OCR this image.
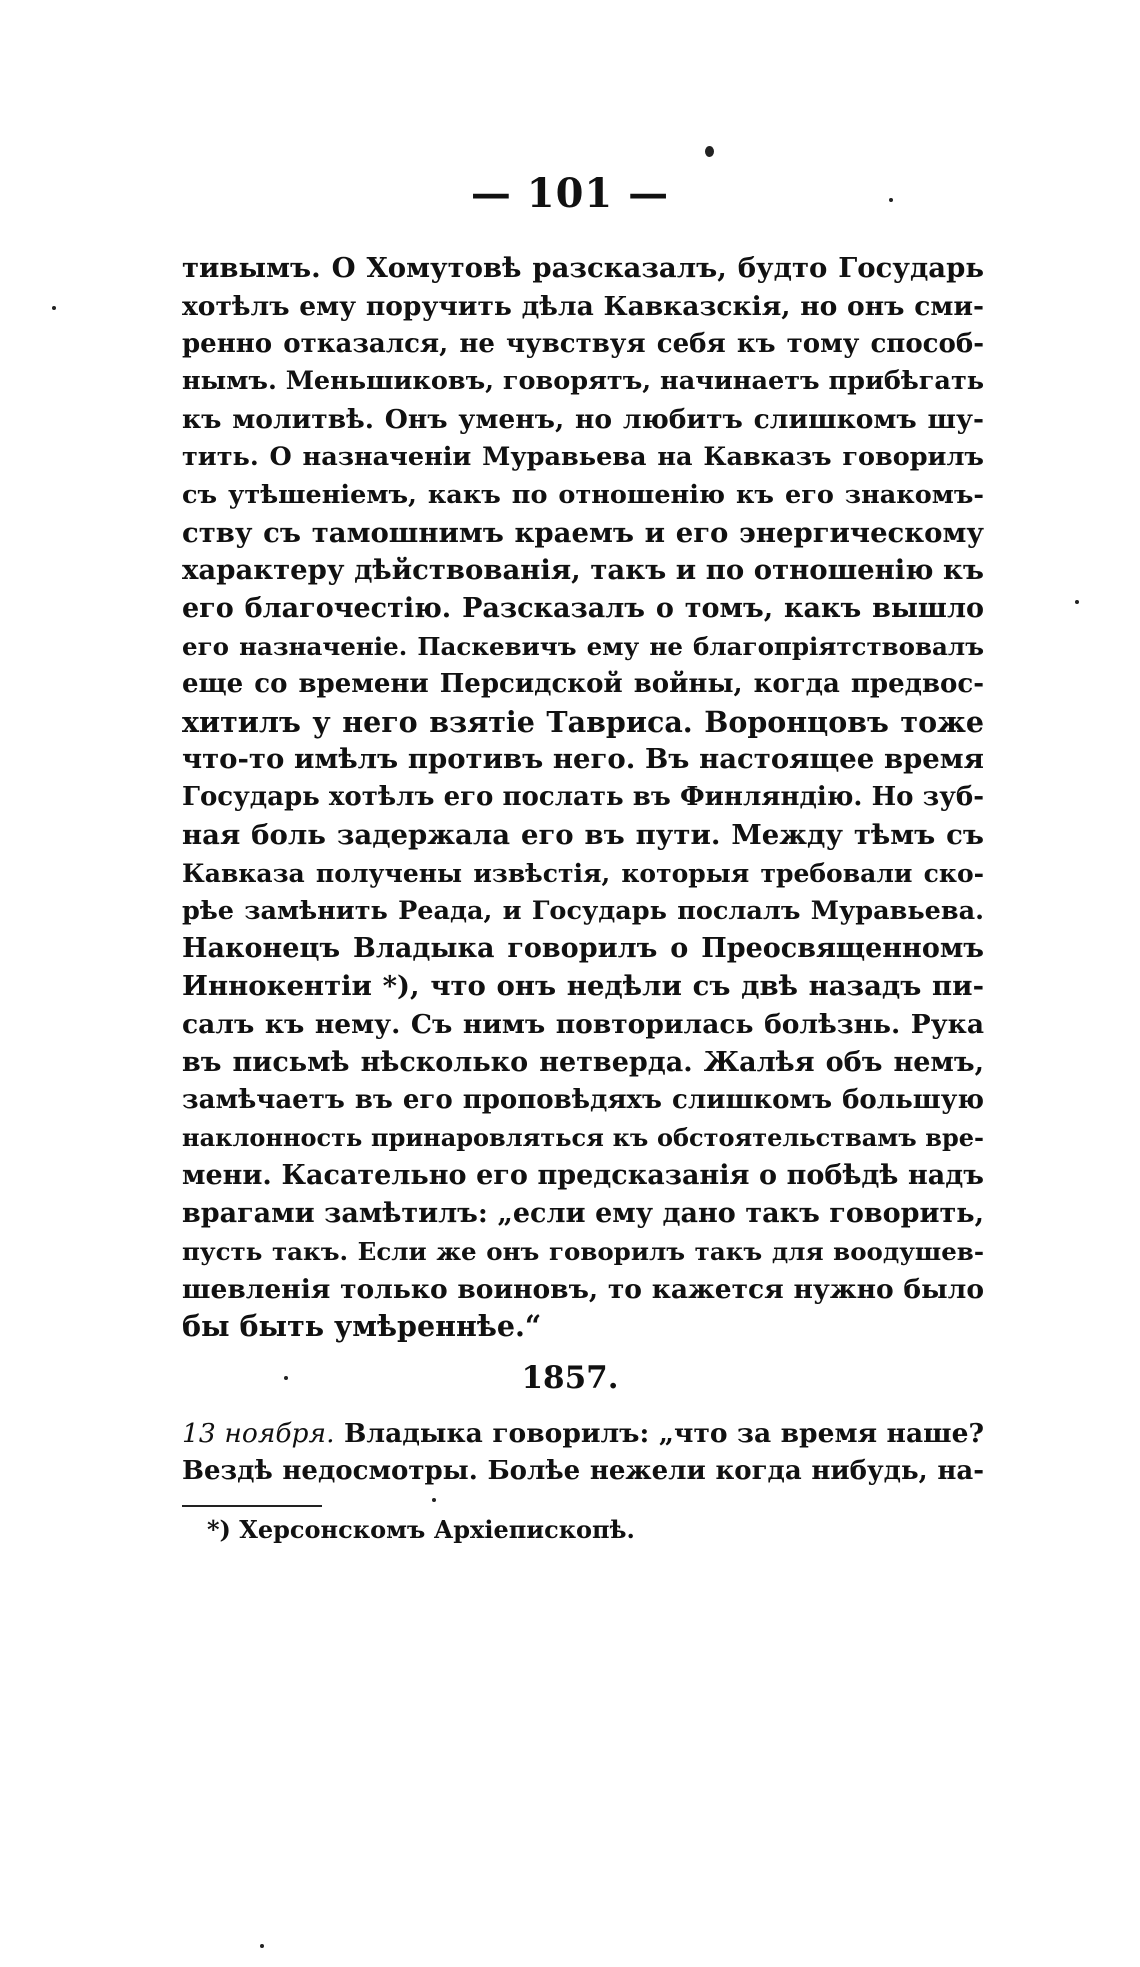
— 101 —
тивымъ. О Хомутовѣ разсказалъ, будто Государь
хотѣлъ ему поручить дѣла Кавказскія, но онъ сми-
ренно отказался, не чувствуя себя къ тому способ-
нымъ. Меньшиковъ, говорятъ, начинаетъ прибѣгать
къ молитвѣ. Онъ уменъ, но любитъ слишкомъ шу-
тить. О назначеніи Муравьева на Кавказъ говорилъ
съ утѣшеніемъ, какъ по отношенію къ его знакомъ-
ству съ тамошнимъ краемъ и его энергическому
характеру дѣйствованія, такъ и по отношенію къ
его благочестію. Разсказалъ о томъ, какъ вышло
его назначеніе. Паскевичъ ему не благопріятствовалъ
еще со времени Персидской войны, когда предвос-
хитилъ у него взятіе Тавриса. Воронцовъ тоже
что-то имѣлъ противъ него. Въ настоящее время
Государь хотѣлъ его послать въ Финляндію. Но зуб-
ная боль задержала его въ пути. Между тѣмъ съ
Кавказа получены извѣстія, которыя требовали ско-
рѣе замѣнить Реада, и Государь послалъ Муравьева.
Наконецъ Владыка говорилъ о Преосвященномъ
Иннокентіи *), что онъ недѣли съ двѣ назадъ пи-
салъ къ нему. Съ нимъ повторилась болѣзнь. Рука
въ письмѣ нѣсколько нетверда. Жалѣя объ немъ,
замѣчаетъ въ его проповѣдяхъ слишкомъ большую
наклонность принаровляться къ обстоятельствамъ вре-
мени. Касательно его предсказанія о побѣдѣ надъ
врагами замѣтилъ: „если ему дано такъ говорить,
пусть такъ. Если же онъ говорилъ такъ для воодушев-
шевленія только воиновъ, то кажется нужно было
бы быть умѣреннѣе.“
1857.
13 ноября. Владыка говорилъ: „что за время наше?
Вездѣ недосмотры. Болѣе нежели когда нибудь, на-
*) Херсонскомъ Архіепископѣ.
